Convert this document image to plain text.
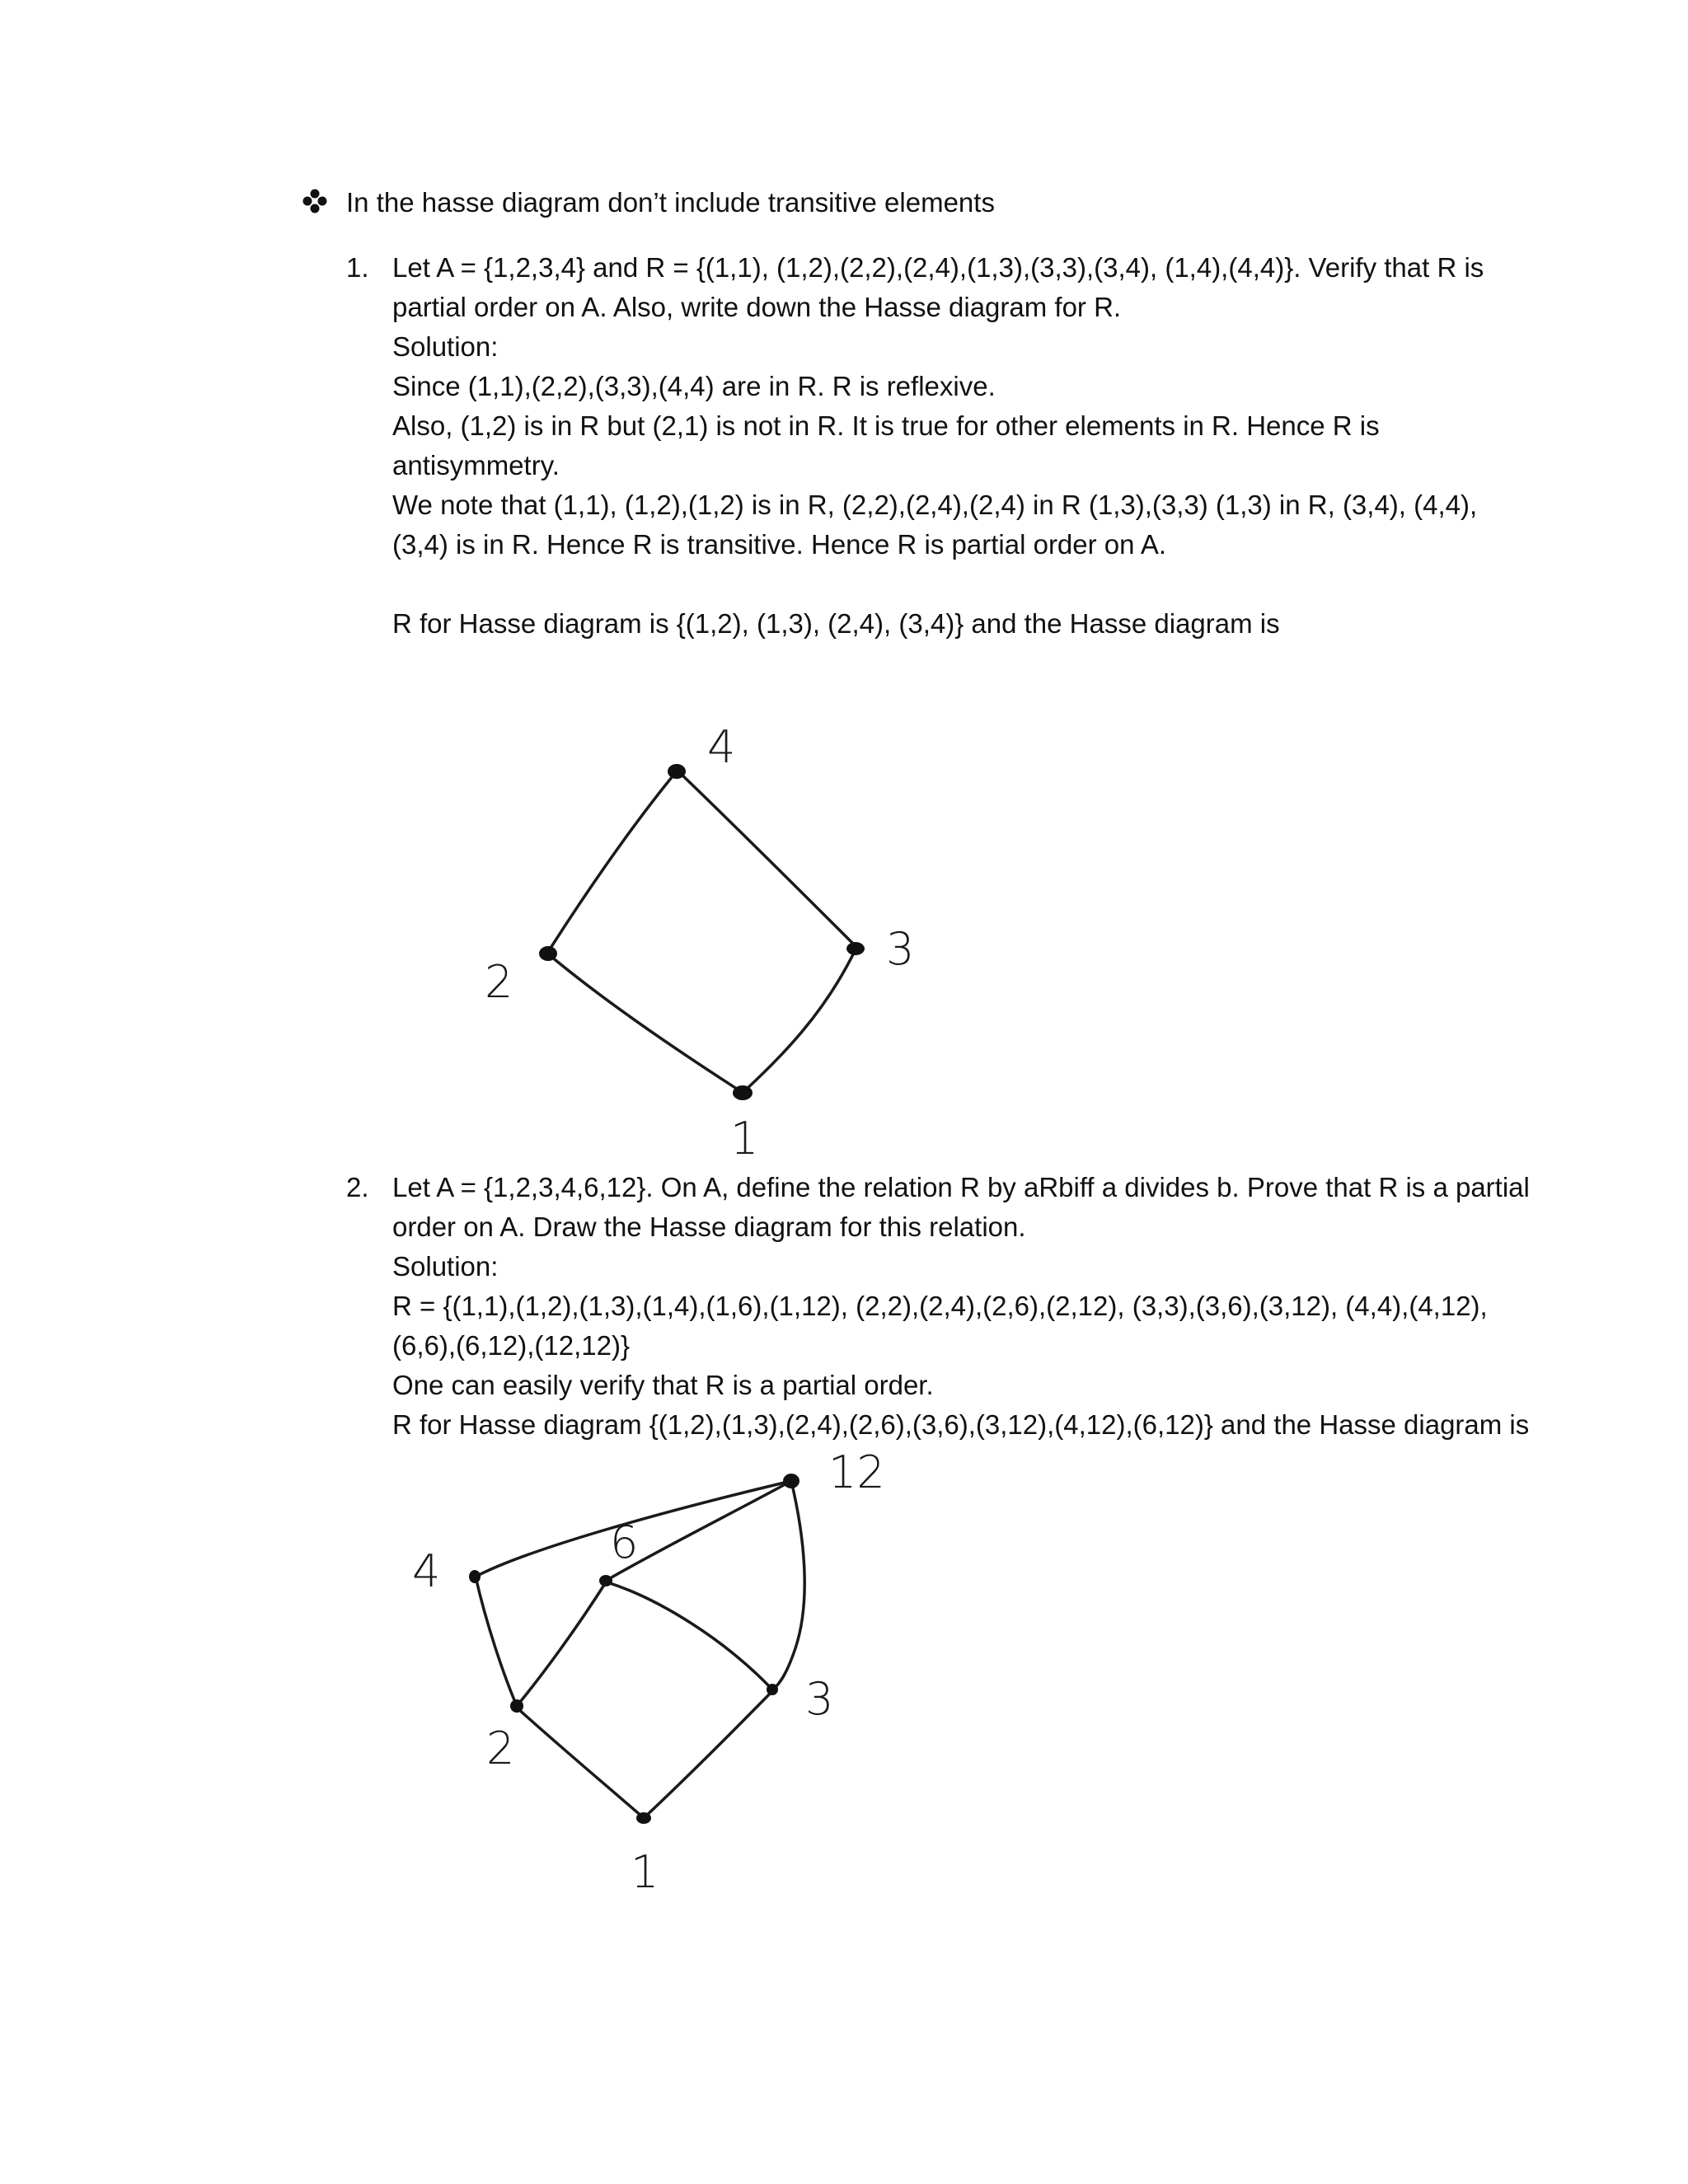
In the hasse diagram don’t include transitive elements
1. Let A = {1,2,3,4} and R = {(1,1), (1,2),(2,2),(2,4),(1,3),(3,3),(3,4), (1,4),(4,4)}. Verify that R is
partial order on A. Also, write down the Hasse diagram for R.
Solution:
Since (1,1),(2,2),(3,3),(4,4) are in R. R is reflexive.
Also, (1,2) is in R but (2,1) is not in R. It is true for other elements in R. Hence R is
antisymmetry.
We note that (1,1), (1,2),(1,2) is in R, (2,2),(2,4),(2,4) in R (1,3),(3,3) (1,3) in R, (3,4), (4,4),
(3,4) is in R. Hence R is transitive. Hence R is partial order on A.
R for Hasse diagram is {(1,2), (1,3), (2,4), (3,4)} and the Hasse diagram is
2. Let A = {1,2,3,4,6,12}. On A, define the relation R by aRbiff a divides b. Prove that R is a partial
order on A. Draw the Hasse diagram for this relation.
Solution:
R = {(1,1),(1,2),(1,3),(1,4),(1,6),(1,12), (2,2),(2,4),(2,6),(2,12), (3,3),(3,6),(3,12), (4,4),(4,12),
(6,6),(6,12),(12,12)}
One can easily verify that R is a partial order.
R for Hasse diagram {(1,2),(1,3),(2,4),(2,6),(3,6),(3,12),(4,12),(6,12)} and the Hasse diagram is
4
2
3
1
12
4
6
2
3
1
